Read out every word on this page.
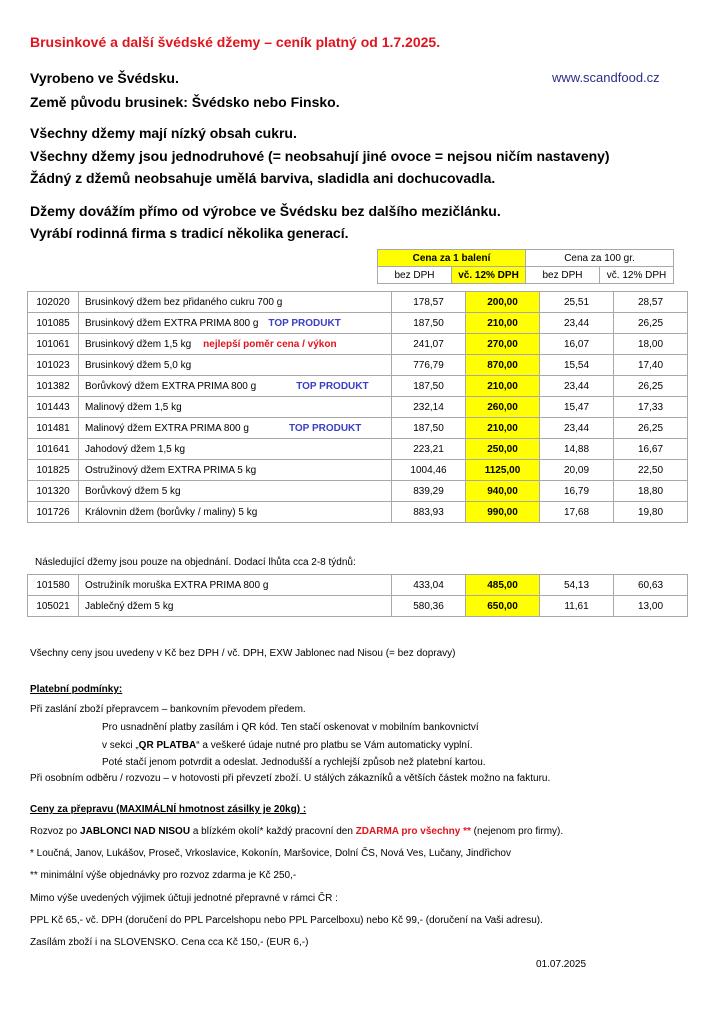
Brusinkové a další švédské džemy – ceník platný od 1.7.2025.
www.scandfood.cz
Vyrobeno ve Švédsku.
Země původu brusinek: Švédsko nebo Finsko.
Všechny džemy mají nízký obsah cukru.
Všechny džemy jsou jednodruhové (= neobsahují jiné ovoce = nejsou ničím nastaveny)
Žádný z džemů neobsahuje umělá barviva, sladidla ani dochucovadla.
Džemy dovážím přímo od výrobce ve Švédsku bez dalšího mezičlánku.
Vyrábí rodinná firma s tradicí několika generací.
Cena za 1 balení		Cena za 100 gr.	
bez DPH	vč. 12% DPH	bez DPH	vč. 12% DPH
102020	Brusinkový džem bez přidaného cukru 700 g	178,57	200,00	25,51	28,57
101085	Brusinkový džem EXTRA PRIMA 800 g TOP PRODUKT	187,50	210,00	23,44	26,25
101061	Brusinkový džem 1,5 kg nejlepší poměr cena / výkon	241,07	270,00	16,07	18,00
101023	Brusinkový džem 5,0 kg	776,79	870,00	15,54	17,40
101382	Borůvkový džem EXTRA PRIMA 800 g TOP PRODUKT	187,50	210,00	23,44	26,25
101443	Malinový džem 1,5 kg	232,14	260,00	15,47	17,33
101481	Malinový džem EXTRA PRIMA 800 g TOP PRODUKT	187,50	210,00	23,44	26,25
101641	Jahodový džem 1,5 kg	223,21	250,00	14,88	16,67
101825	Ostružinový džem EXTRA PRIMA 5 kg	1004,46	1125,00	20,09	22,50
101320	Borůvkový džem 5 kg	839,29	940,00	16,79	18,80
101726	Královnin džem (borůvky / maliny) 5 kg	883,93	990,00	17,68	19,80
Následující džemy jsou pouze na objednání. Dodací lhůta cca 2-8 týdnů:
101580	Ostružiník moruška EXTRA PRIMA 800 g	433,04	485,00	54,13	60,63
105021	Jablečný džem 5 kg	580,36	650,00	11,61	13,00
Všechny ceny jsou uvedeny v Kč bez DPH / vč. DPH, EXW Jablonec nad Nisou (= bez dopravy)
Platební podmínky:
Při zaslání zboží přepravcem – bankovním převodem předem.
Pro usnadnění platby zasílám i QR kód. Ten stačí oskenovat v mobilním bankovnictví
v sekci „QR PLATBA“ a veškeré údaje nutné pro platbu se Vám automaticky vyplní.
Poté stačí jenom potvrdit a odeslat. Jednodušší a rychlejší způsob než platební kartou.
Při osobním odběru / rozvozu – v hotovosti při převzetí zboží. U stálých zákazníků a větších částek možno na fakturu.
Ceny za přepravu (MAXIMÁLNÍ hmotnost zásilky je 20kg) :
Rozvoz po JABLONCI NAD NISOU a blízkém okolí* každý pracovní den ZDARMA pro všechny ** (nejenom pro firmy).
* Loučná, Janov, Lukášov, Proseč, Vrkoslavice, Kokonín, Maršovice, Dolní ČS, Nová Ves, Lučany, Jindřichov
** minimální výše objednávky pro rozvoz zdarma je Kč 250,-
Mimo výše uvedených výjimek účtuji jednotné přepravné v rámci ČR :
PPL Kč 65,- vč. DPH (doručení do PPL Parcelshopu nebo PPL Parcelboxu) nebo Kč 99,- (doručení na Vaši adresu).
Zasílám zboží i na SLOVENSKO. Cena cca Kč 150,- (EUR 6,-)
01.07.2025
